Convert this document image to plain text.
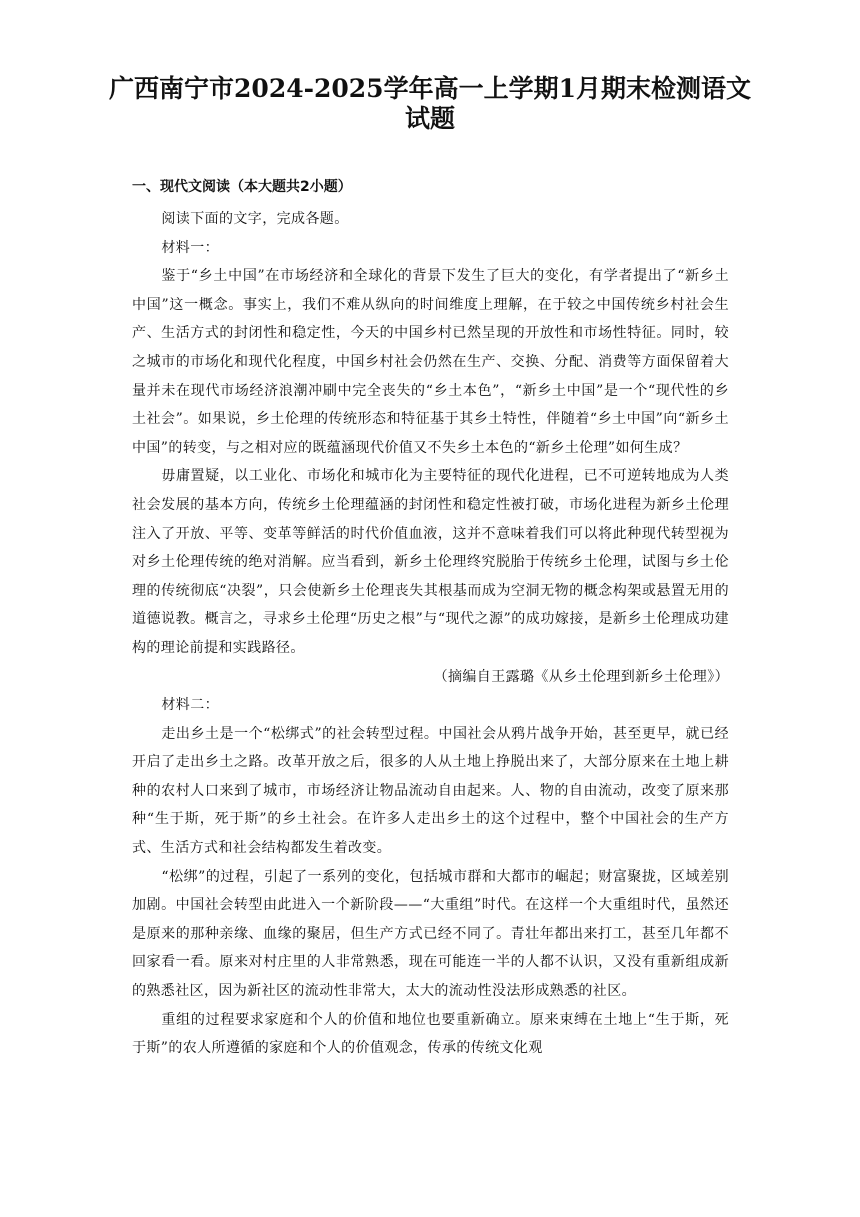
广西南宁市2024-2025学年高一上学期1月期末检测语文试题
一、现代文阅读（本大题共2小题）

阅读下面的文字，完成各题。

材料一：

鉴于“乡土中国”在市场经济和全球化的背景下发生了巨大的变化，有学者提出了“新乡土中国”这一概念。事实上，我们不难从纵向的时间维度上理解，在于较之中国传统乡村社会生产、生活方式的封闭性和稳定性，今天的中国乡村已然呈现的开放性和市场性特征。同时，较之城市的市场化和现代化程度，中国乡村社会仍然在生产、交换、分配、消费等方面保留着大量并未在现代市场经济浪潮冲刷中完全丧失的“乡土本色”，“新乡土中国”是一个“现代性的乡土社会”。如果说，乡土伦理的传统形态和特征基于其乡土特性，伴随着“乡土中国”向“新乡土中国”的转变，与之相对应的既蕴涵现代价值又不失乡土本色的“新乡土伦理”如何生成？

毋庸置疑，以工业化、市场化和城市化为主要特征的现代化进程，已不可逆转地成为人类社会发展的基本方向，传统乡土伦理蕴涵的封闭性和稳定性被打破，市场化进程为新乡土伦理注入了开放、平等、变革等鲜活的时代价值血液，这并不意味着我们可以将此种现代转型视为对乡土伦理传统的绝对消解。应当看到，新乡土伦理终究脱胎于传统乡土伦理，试图与乡土伦理的传统彻底“决裂”，只会使新乡土伦理丧失其根基而成为空洞无物的概念构架或悬置无用的道德说教。概言之，寻求乡土伦理“历史之根”与“现代之源”的成功嫁接，是新乡土伦理成功建构的理论前提和实践路径。

（摘编自王露璐《从乡土伦理到新乡土伦理》）

材料二：

走出乡土是一个“松绑式”的社会转型过程。中国社会从鸦片战争开始，甚至更早，就已经开启了走出乡土之路。改革开放之后，很多的人从土地上挣脱出来了，大部分原来在土地上耕种的农村人口来到了城市，市场经济让物品流动自由起来。人、物的自由流动，改变了原来那种“生于斯，死于斯”的乡土社会。在许多人走出乡土的这个过程中，整个中国社会的生产方式、生活方式和社会结构都发生着改变。

“松绑”的过程，引起了一系列的变化，包括城市群和大都市的崛起；财富聚拢，区域差别加剧。中国社会转型由此进入一个新阶段——“大重组”时代。在这样一个大重组时代，虽然还是原来的那种亲缘、血缘的聚居，但生产方式已经不同了。青壮年都出来打工，甚至几年都不回家看一看。原来对村庄里的人非常熟悉，现在可能连一半的人都不认识，又没有重新组成新的熟悉社区，因为新社区的流动性非常大，太大的流动性没法形成熟悉的社区。

重组的过程要求家庭和个人的价值和地位也要重新确立。原来束缚在土地上“生于斯，死于斯”的农人所遵循的家庭和个人的价值观念，传承的传统文化观
